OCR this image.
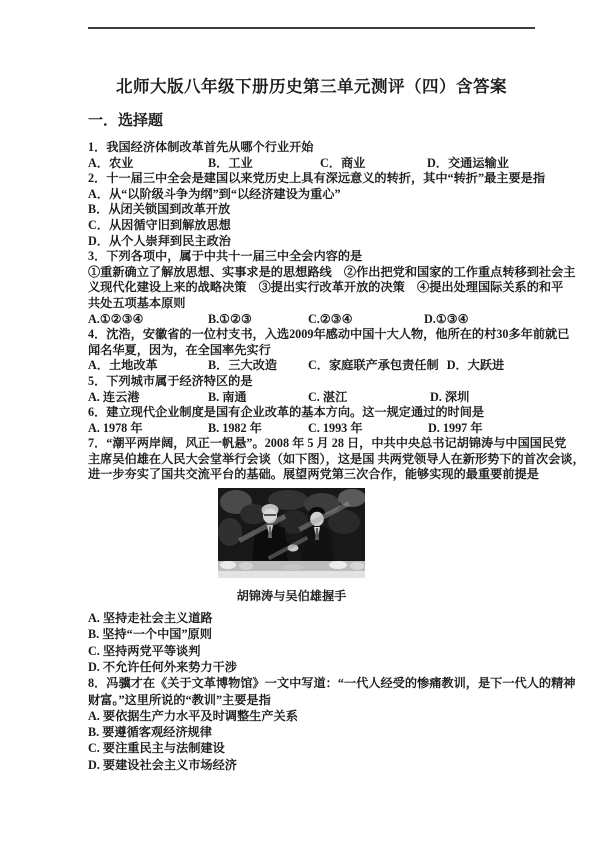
北师大版八年级下册历史第三单元测评（四）含答案
一．选择题
1．我国经济体制改革首先从哪个行业开始
A．农业	B．工业	C．商业	D．交通运输业
2．十一届三中全会是建国以来党历史上具有深远意义的转折，其中“转折”最主要是指
A．从“以阶级斗争为纲”到“以经济建设为重心”
B．从闭关锁国到改革开放
C．从因循守旧到解放思想
D．从个人崇拜到民主政治
3．下列各项中，属于中共十一届三中全会内容的是
①重新确立了解放思想、实事求是的思想路线　②作出把党和国家的工作重点转移到社会主
义现代化建设上来的战略决策　③提出实行改革开放的决策　④提出处理国际关系的和平
共处五项基本原则
A.①②③④	B.①②③	C.②③④	D.①③④
4．沈浩，安徽省的一位村支书，入选2009年感动中国十大人物，他所在的村30多年前就已
闻名华夏，因为，在全国率先实行
A．土地改革	B．三大改造	C．家庭联产承包责任制 D．大跃进
5．下列城市属于经济特区的是
A. 连云港	B. 南通	C. 湛江	D. 深圳
6．建立现代企业制度是国有企业改革的基本方向。这一规定通过的时间是
A. 1978 年	B. 1982 年	C. 1993 年	D. 1997 年
7．“潮平两岸阔，风正一帆悬”。2008 年 5 月 28 日，中共中央总书记胡锦涛与中国国民党
主席吴伯雄在人民大会堂举行会谈（如下图），这是国 共两党领导人在新形势下的首次会谈，
进一步夯实了国共交流平台的基础。展望两党第三次合作，能够实现的最重要前提是
胡锦涛与吴伯雄握手
A. 坚持走社会主义道路
B. 坚持“一个中国”原则
C. 坚持两党平等谈判
D. 不允许任何外来势力干涉
8．冯骥才在《关于文革博物馆》一文中写道：“一代人经受的惨痛教训，是下一代人的精神
财富。”这里所说的“教训”主要是指
A. 要依据生产力水平及时调整生产关系
B. 要遵循客观经济规律
C. 要注重民主与法制建设
D. 要建设社会主义市场经济
